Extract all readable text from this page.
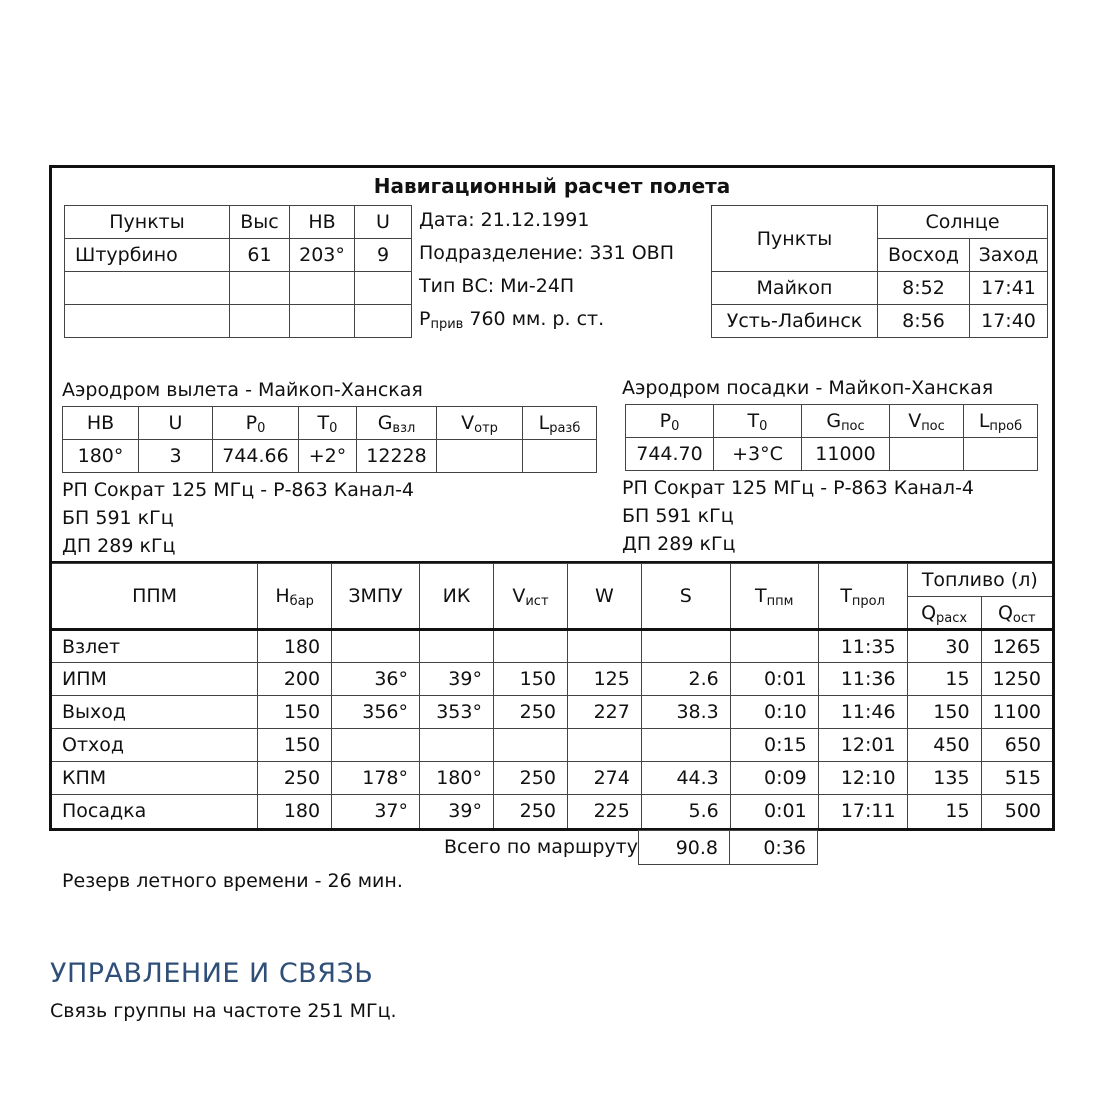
Навигационный расчет полета
Пункты	Выс	НВ	U
Штурбино	61	203°	9

Дата: 21.12.1991
Подразделение: 331 ОВП
Тип ВС: Ми-24П
$P_{прив}$ 760 мм. р. ст.
Пункты	Солнце	
	Восход	Заход
Майкоп	8:52	17:41
Усть-Лабинск	8:56	17:40
Аэродром вылета - Майкоп-Ханская
НВ	U	$P_0$	$T_0$	$G_{взл}$	$V_{отр}$	$L_{разб}$
180°	3	744.66	+2°	12228		
РП Сократ 125 МГц - Р-863 Канал-4
БП 591 кГц
ДП 289 кГц
Аэродром посадки - Майкоп-Ханская
$P_0$	$T_0$	$G_{пос}$	$V_{пос}$	$L_{проб}$
744.70	+3°C	11000		
РП Сократ 125 МГц - Р-863 Канал-4
БП 591 кГц
ДП 289 кГц
ППМ	$H_{бар}$	ЗМПУ	ИК	$V_{ист}$	W	S	$T_{ппм}$	$T_{прол}$	Топливо (л)	
									$Q_{расх}$	$Q_{ост}$
Взлет	180							11:35	30	1265
ИПМ	200	36°	39°	150	125	2.6	0:01	11:36	15	1250
Выход	150	356°	353°	250	227	38.3	0:10	11:46	150	1100
Отход	150						0:15	12:01	450	650
КПМ	250	178°	180°	250	274	44.3	0:09	12:10	135	515
Посадка	180	37°	39°	250	225	5.6	0:01	17:11	15	500
Всего по маршруту 90.8	0:36
Резерв летного времени - 26 мин.
УПРАВЛЕНИЕ И СВЯЗЬ
Связь группы на частоте 251 МГц.
